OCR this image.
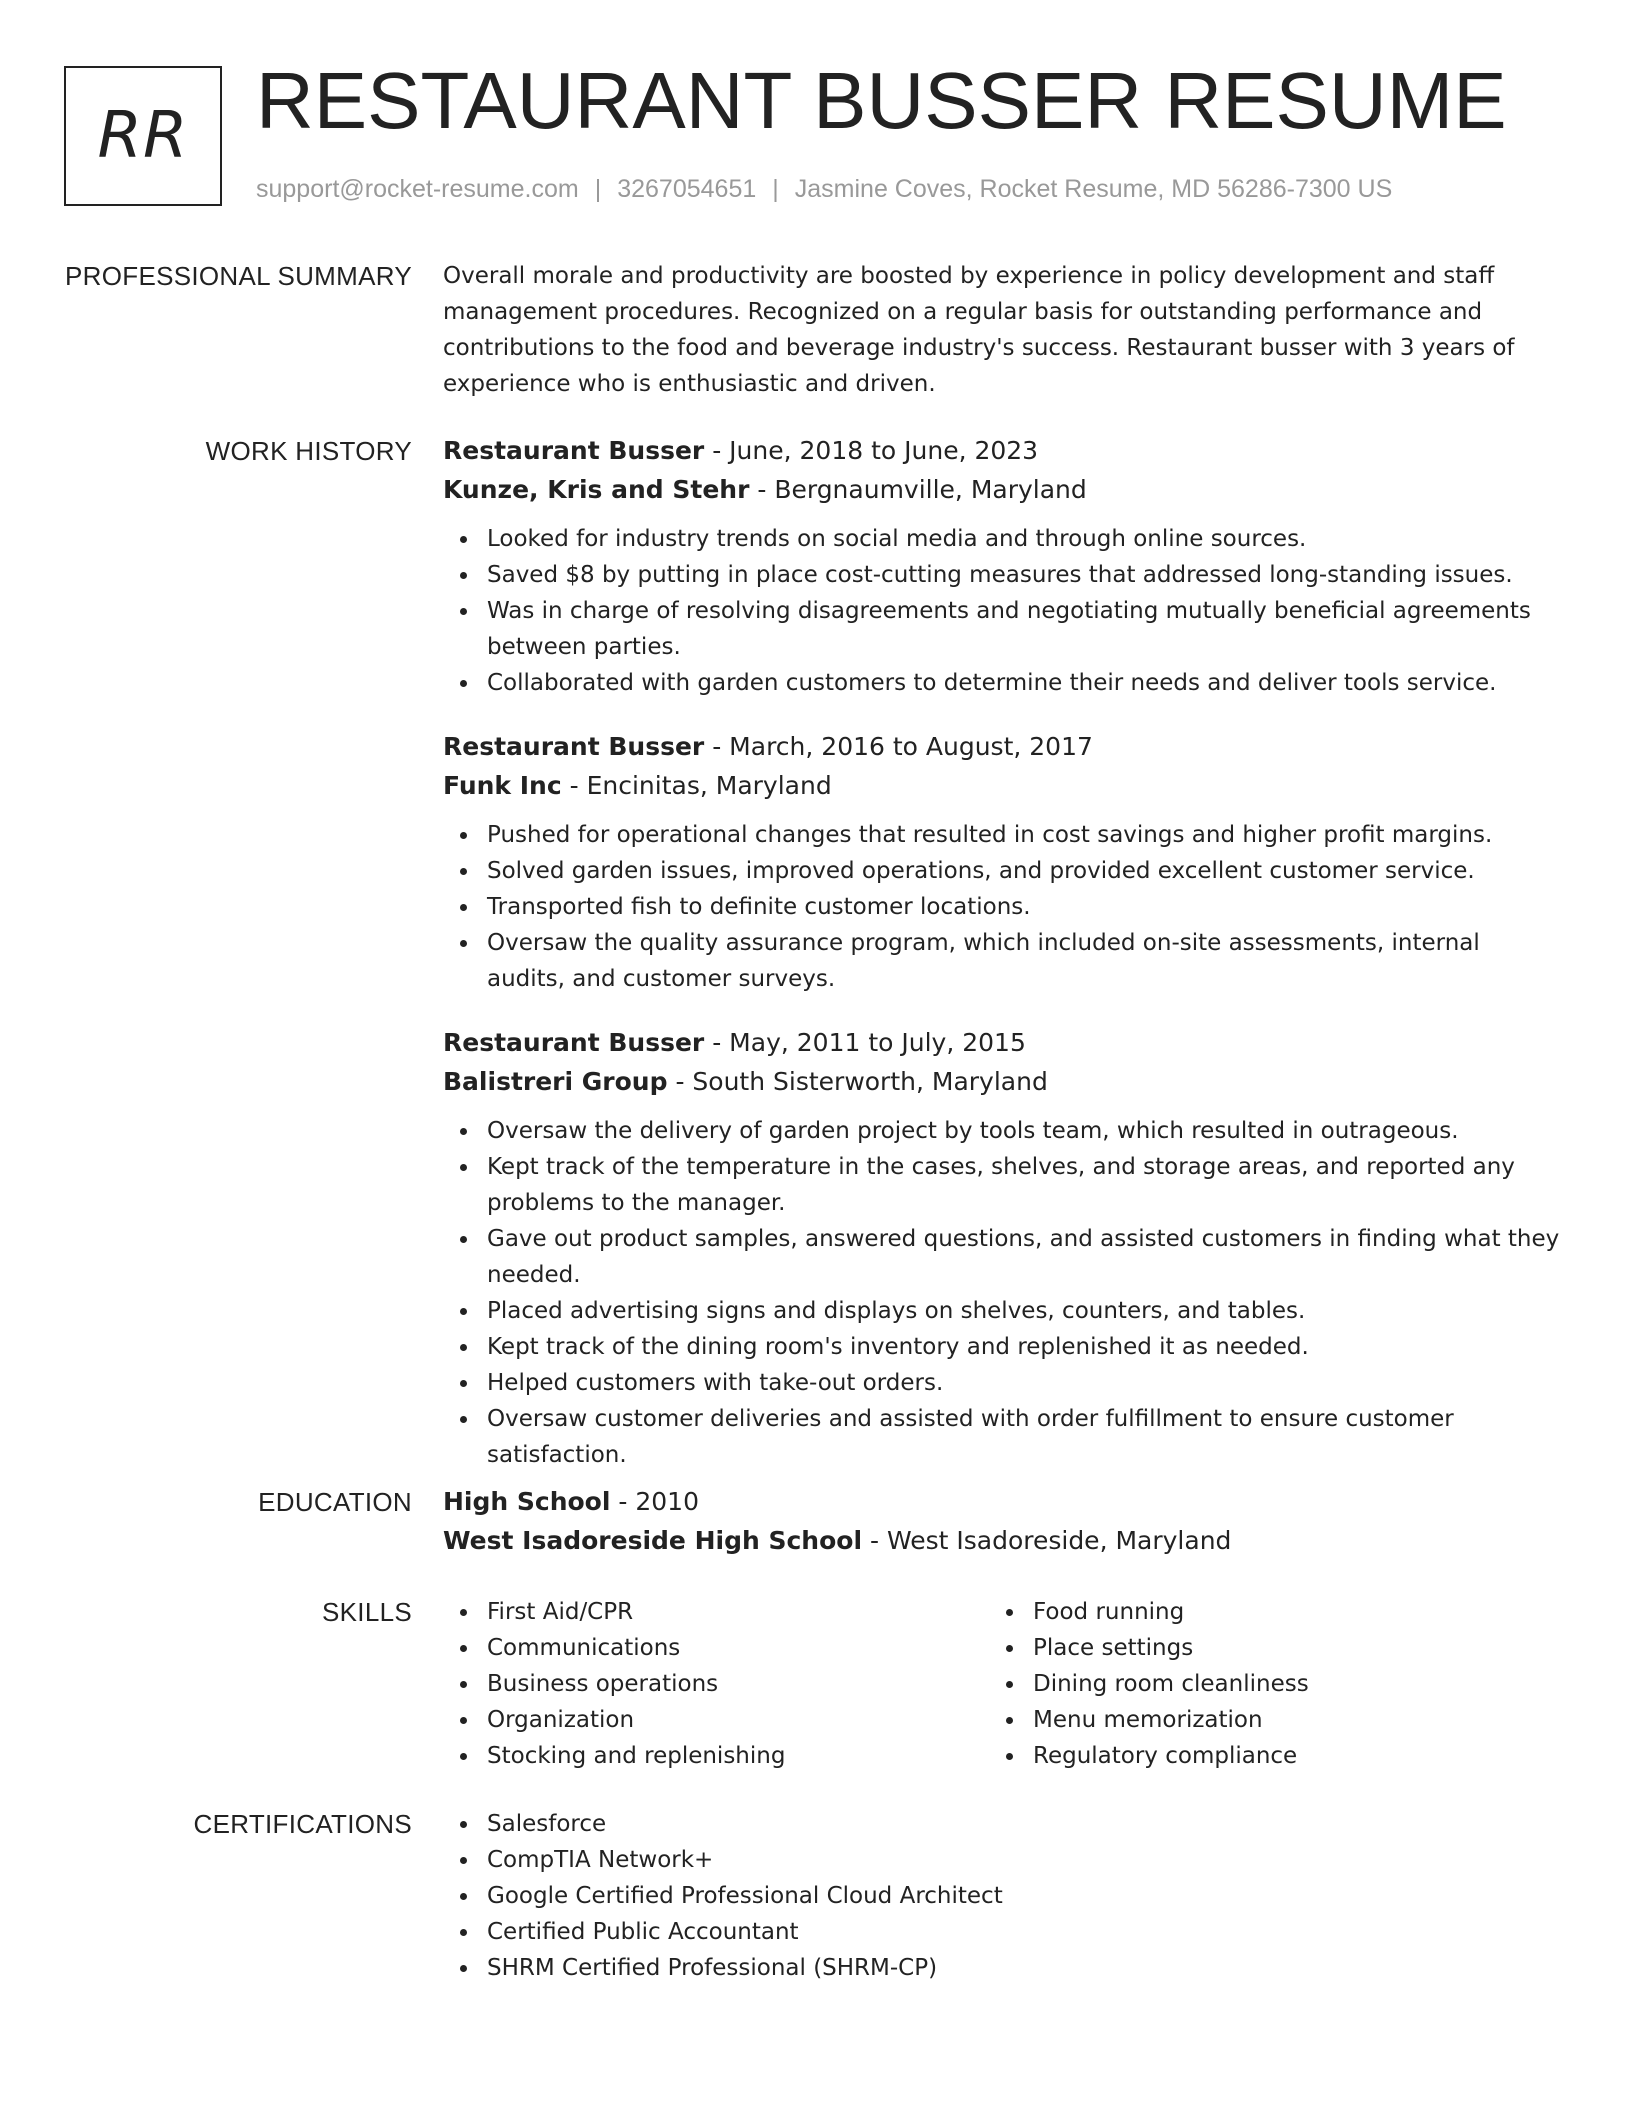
RR RESTAURANT BUSSER RESUME
support@rocket-resume.com | 3267054651 | Jasmine Coves, Rocket Resume, MD 56286-7300 US
PROFESSIONAL SUMMARY Overall morale and productivity are boosted by experience in policy development and staff
management procedures. Recognized on a regular basis for outstanding performance and
contributions to the food and beverage industry's success. Restaurant busser with 3 years of
experience who is enthusiastic and driven.

WORK HISTORY Restaurant Busser - June, 2018 to June, 2023
Kunze, Kris and Stehr - Bergnaumville, Maryland
Looked for industry trends on social media and through online sources.
Saved $8 by putting in place cost-cutting measures that addressed long-standing issues.
Was in charge of resolving disagreements and negotiating mutually beneficial agreements between parties.
Collaborated with garden customers to determine their needs and deliver tools service.
Restaurant Busser - March, 2016 to August, 2017
Funk Inc - Encinitas, Maryland
Pushed for operational changes that resulted in cost savings and higher profit margins.
Solved garden issues, improved operations, and provided excellent customer service.
Transported fish to definite customer locations.
Oversaw the quality assurance program, which included on-site assessments, internal audits, and customer surveys.
Restaurant Busser - May, 2011 to July, 2015
Balistreri Group - South Sisterworth, Maryland
Oversaw the delivery of garden project by tools team, which resulted in outrageous.
Kept track of the temperature in the cases, shelves, and storage areas, and reported any problems to the manager.
Gave out product samples, answered questions, and assisted customers in finding what they needed.
Placed advertising signs and displays on shelves, counters, and tables.
Kept track of the dining room's inventory and replenished it as needed.
Helped customers with take-out orders.
Oversaw customer deliveries and assisted with order fulfillment to ensure customer satisfaction.
EDUCATION High School - 2010
West Isadoreside High School - West Isadoreside, Maryland
SKILLS	First Aid/CPR
Communications
Business operations
Organization
Stocking and replenishing
Food running
Place settings
Dining room cleanliness
Menu memorization
Regulatory compliance
CERTIFICATIONS	Salesforce
CompTIA Network+
Google Certified Professional Cloud Architect
Certified Public Accountant
SHRM Certified Professional (SHRM-CP)
